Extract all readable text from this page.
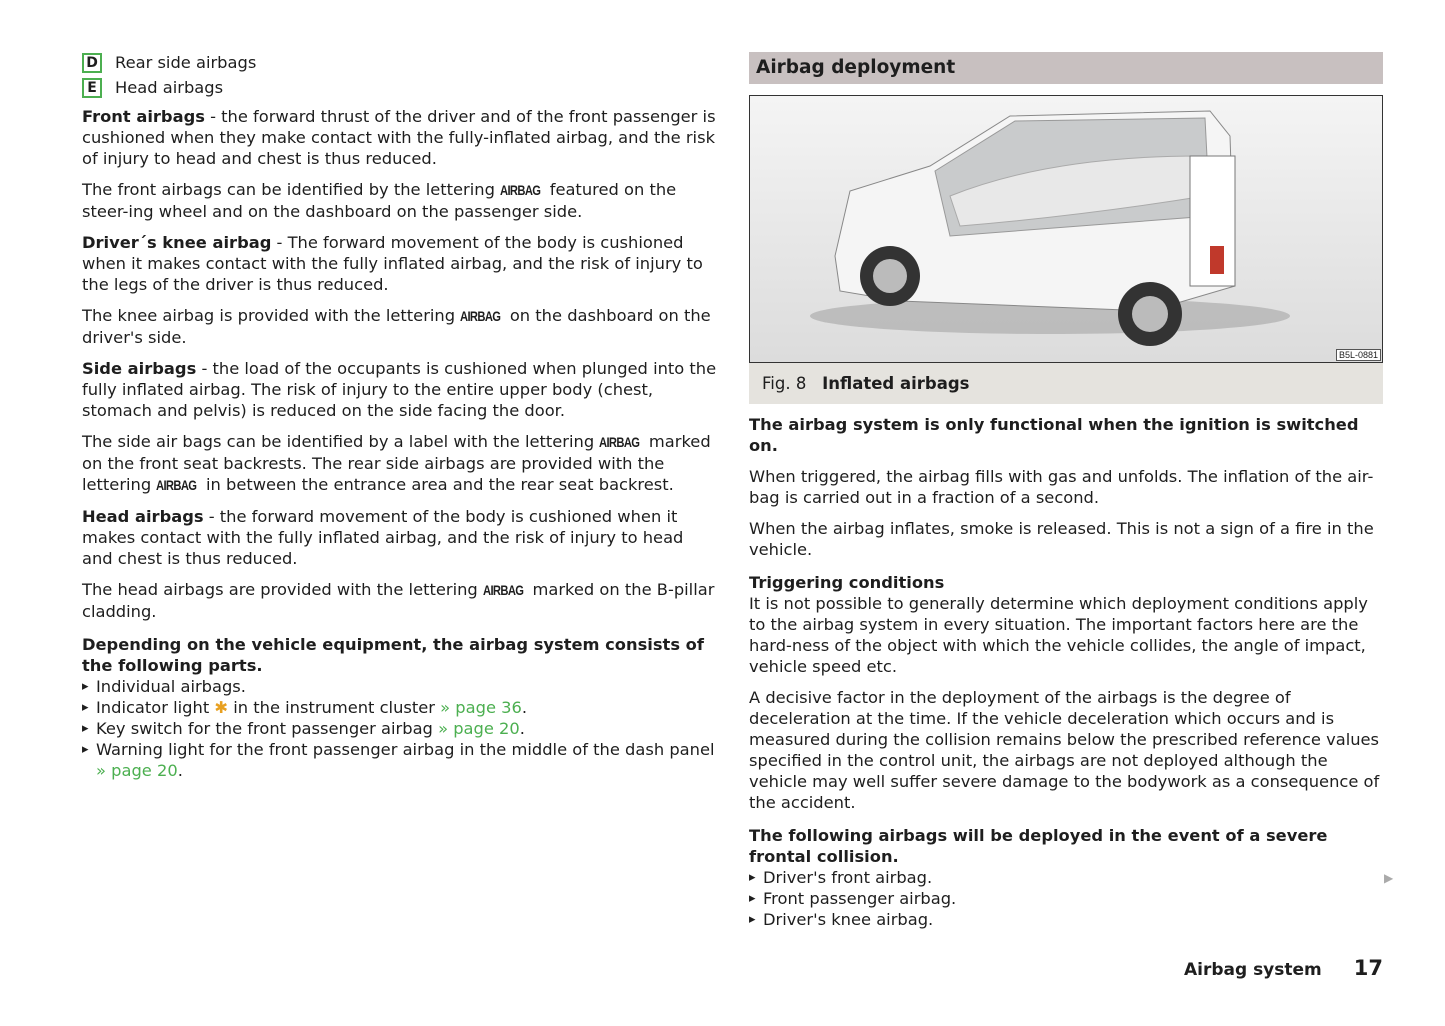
D Rear side airbags
E	Head airbags

Front airbags - the forward thrust of the driver and of the front passenger is cushioned when they make contact with the fully-inflated airbag, and the risk of injury to head and chest is thus reduced.

The front airbags can be identified by the lettering AIRBAG featured on the steer-ing wheel and on the dashboard on the passenger side.

Driver´s knee airbag - The forward movement of the body is cushioned when it makes contact with the fully inflated airbag, and the risk of injury to the legs of the driver is thus reduced.

The knee airbag is provided with the lettering AIRBAG on the dashboard on the driver's side.

Side airbags - the load of the occupants is cushioned when plunged into the fully inflated airbag. The risk of injury to the entire upper body (chest, stomach and pelvis) is reduced on the side facing the door.

The side air bags can be identified by a label with the lettering AIRBAG marked on the front seat backrests. The rear side airbags are provided with the lettering AIRBAG in between the entrance area and the rear seat backrest.

Head airbags - the forward movement of the body is cushioned when it makes contact with the fully inflated airbag, and the risk of injury to head and chest is thus reduced.

The head airbags are provided with the lettering AIRBAG marked on the B-pillar cladding.

Depending on the vehicle equipment, the airbag system consists of the following parts.
▸ Individual airbags.
▸ Indicator light ✱ in the instrument cluster » page 36.
▸ Key switch for the front passenger airbag » page 20.
▸ Warning light for the front passenger airbag in the middle of the dash panel » page 20.
Airbag deployment
B5L-0881
Fig. 8 Inflated airbags

The airbag system is only functional when the ignition is switched on.

When triggered, the airbag fills with gas and unfolds. The inflation of the air-bag is carried out in a fraction of a second.

When the airbag inflates, smoke is released. This is not a sign of a fire in the vehicle.

Triggering conditions

It is not possible to generally determine which deployment conditions apply to the airbag system in every situation. The important factors here are the hard-ness of the object with which the vehicle collides, the angle of impact, vehicle speed etc.

A decisive factor in the deployment of the airbags is the degree of deceleration at the time. If the vehicle deceleration which occurs and is measured during the collision remains below the prescribed reference values specified in the control unit, the airbags are not deployed although the vehicle may well suffer severe damage to the bodywork as a consequence of the accident.

The following airbags will be deployed in the event of a severe frontal collision.
▸ Driver's front airbag.
▸ Front passenger airbag.
▸ Driver's knee airbag.
▶
Airbag system 17
